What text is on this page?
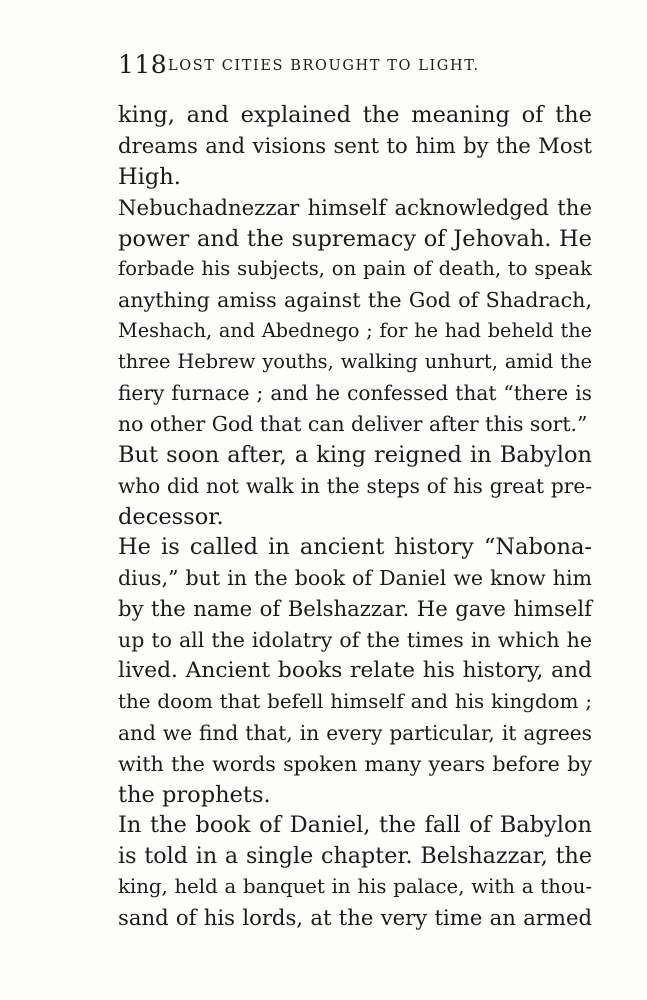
118 LOST CITIES BROUGHT TO LIGHT.
king, and explained the meaning of the
dreams and visions sent to him by the Most
High.
Nebuchadnezzar himself acknowledged the
power and the supremacy of Jehovah. He
forbade his subjects, on pain of death, to speak
anything amiss against the God of Shadrach,
Meshach, and Abednego ; for he had beheld the
three Hebrew youths, walking unhurt, amid the
fiery furnace ; and he confessed that “there is
no other God that can deliver after this sort.”
But soon after, a king reigned in Babylon
who did not walk in the steps of his great pre-
decessor.
He is called in ancient history “Nabona-
dius,” but in the book of Daniel we know him
by the name of Belshazzar. He gave himself
up to all the idolatry of the times in which he
lived. Ancient books relate his history, and
the doom that befell himself and his kingdom ;
and we find that, in every particular, it agrees
with the words spoken many years before by
the prophets.
In the book of Daniel, the fall of Babylon
is told in a single chapter. Belshazzar, the
king, held a banquet in his palace, with a thou-
sand of his lords, at the very time an armed
